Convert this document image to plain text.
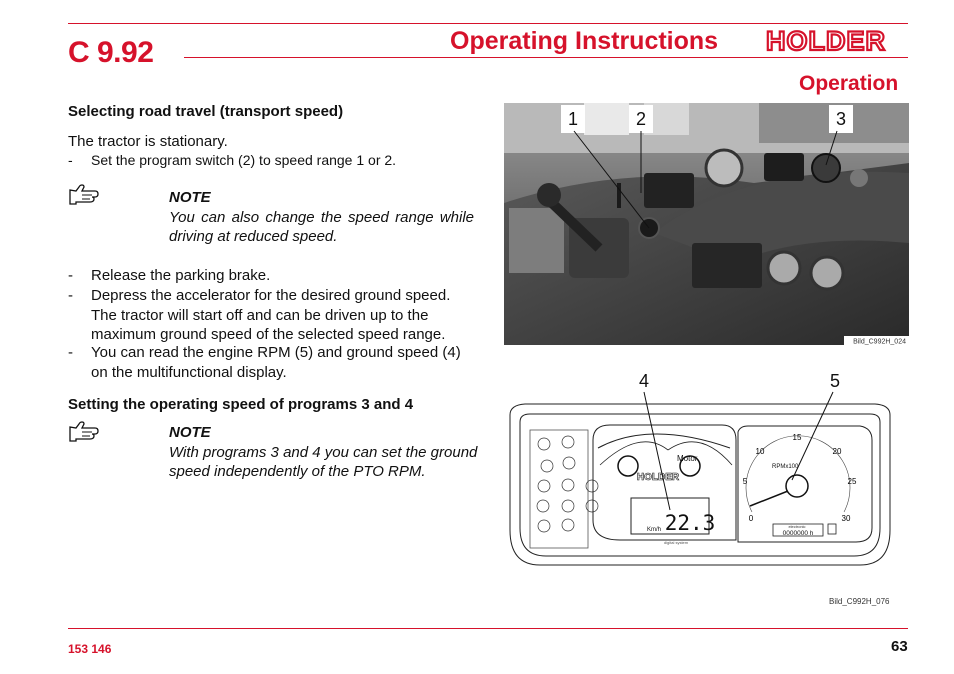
C 9.92	Operating Instructions HOLDER
Operation
Selecting road travel (transport speed)
The tractor is stationary.
- Set the program switch (2) to speed range 1 or 2.
NOTE
You can also change the speed range while
driving at reduced speed.
- Release the parking brake.
- Depress the accelerator for the desired ground speed. The tractor will start off and can be driven up to the maximum ground speed of the selected speed range.
- You can read the engine RPM (5) and ground speed (4) on the multifunctional display.
Setting the operating speed of programs 3 and 4
NOTE
With programs 3 and 4 you can set the ground
speed independently of the PTO RPM.
1	2	3
Bild_C992H_024
Motor
HOLDER
Km/h 22.3
digital system
RPMx100
0
5
10
15
20
25
30
electronic
0000000 h
4	5
Bild_C992H_076
153 146	63
